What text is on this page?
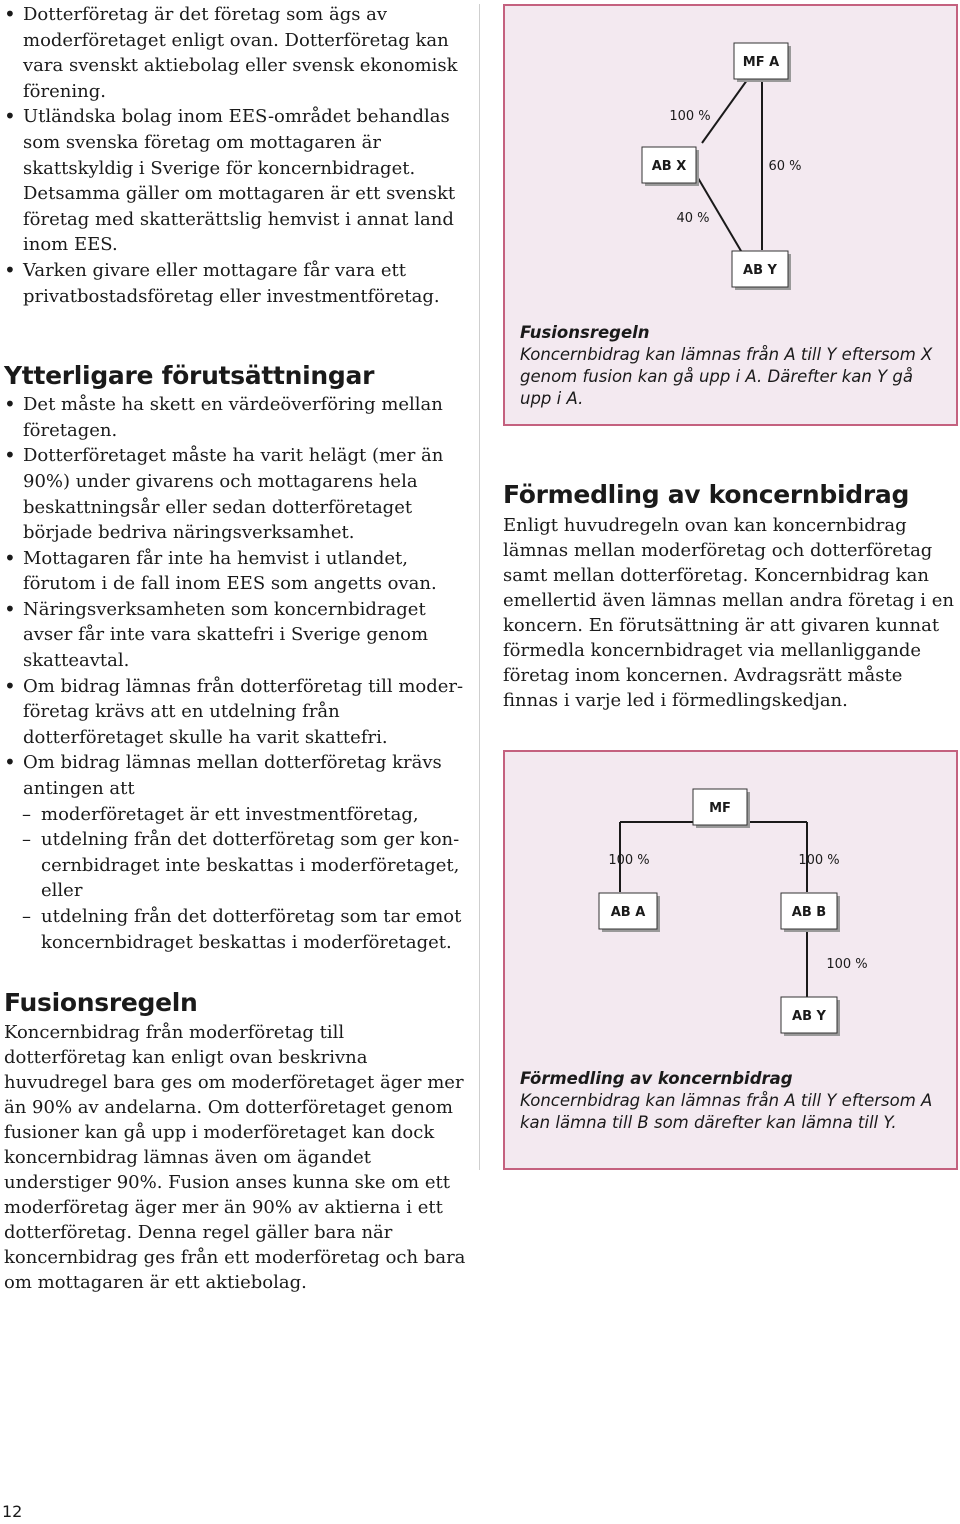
• Dotterföretag är det företag som ägs av moderföretaget enligt ovan. Dotterföretag kan vara svenskt aktiebolag eller svensk ekonomisk förening.
• Utländska bolag inom EES-området behandlas som svenska företag om mottagaren är skattskyldig i Sverige för koncernbidraget. Detsamma gäller om mottagaren är ett svenskt företag med skatterättslig hemvist i annat land inom EES.
• Varken givare eller mottagare får vara ett privatbostadsföretag eller investmentföretag.
Ytterligare förutsättningar
• Det måste ha skett en värdeöverföring mellan företagen.
• Dotterföretaget måste ha varit helägt (mer än 90%) under givarens och mottagarens hela beskattningsår eller sedan dotterföretaget började bedriva näringsverksamhet.
• Mottagaren får inte ha hemvist i utlandet, förutom i de fall inom EES som angetts ovan.
• Näringsverksamheten som koncernbidraget avser får inte vara skattefri i Sverige genom skatteavtal.
• Om bidrag lämnas från dotterföretag till moderföretag krävs att en utdelning från dotterföretaget skulle ha varit skattefri.
• Om bidrag lämnas mellan dotterföretag krävs antingen att
– moderföretaget är ett investmentföretag,
– utdelning från det dotterföretag som ger koncernbidraget inte beskattas i moderföretaget, eller
– utdelning från det dotterföretag som tar emot koncernbidraget beskattas i moderföretaget.
Fusionsregeln

Koncernbidrag från moderföretag till dotterföretag kan enligt ovan beskrivna huvudregel bara ges om moderföretaget äger mer än 90% av andelarna. Om dotterföretaget genom fusioner kan gå upp i moderföretaget kan dock koncernbidrag lämnas även om ägandet understiger 90%. Fusion anses kunna ske om ett moderföretag äger mer än 90% av aktierna i ett dotterföretag. Denna regel gäller bara när koncernbidrag ges från ett moderföretag och bara om mottagaren är ett aktiebolag.

MF A
AB X
AB Y
100 %
60 %
40 %
Fusionsregeln
Koncernbidrag kan lämnas från A till Y eftersom X genom fusion kan gå upp i A. Därefter kan Y gå upp i A.
Förmedling av koncernbidrag

Enligt huvudregeln ovan kan koncernbidrag lämnas mellan moderföretag och dotterföretag samt mellan dotterföretag. Koncernbidrag kan emellertid även lämnas mellan andra företag i en koncern. En förutsättning är att givaren kunnat förmedla koncernbidraget via mellanliggande företag inom koncernen. Avdragsrätt måste finnas i varje led i förmedlingskedjan.

MF
AB A	AB B
AB Y
100 %	100 %
100 %
Förmedling av koncernbidrag
Koncernbidrag kan lämnas från A till Y eftersom A kan lämna till B som därefter kan lämna till Y.
12
